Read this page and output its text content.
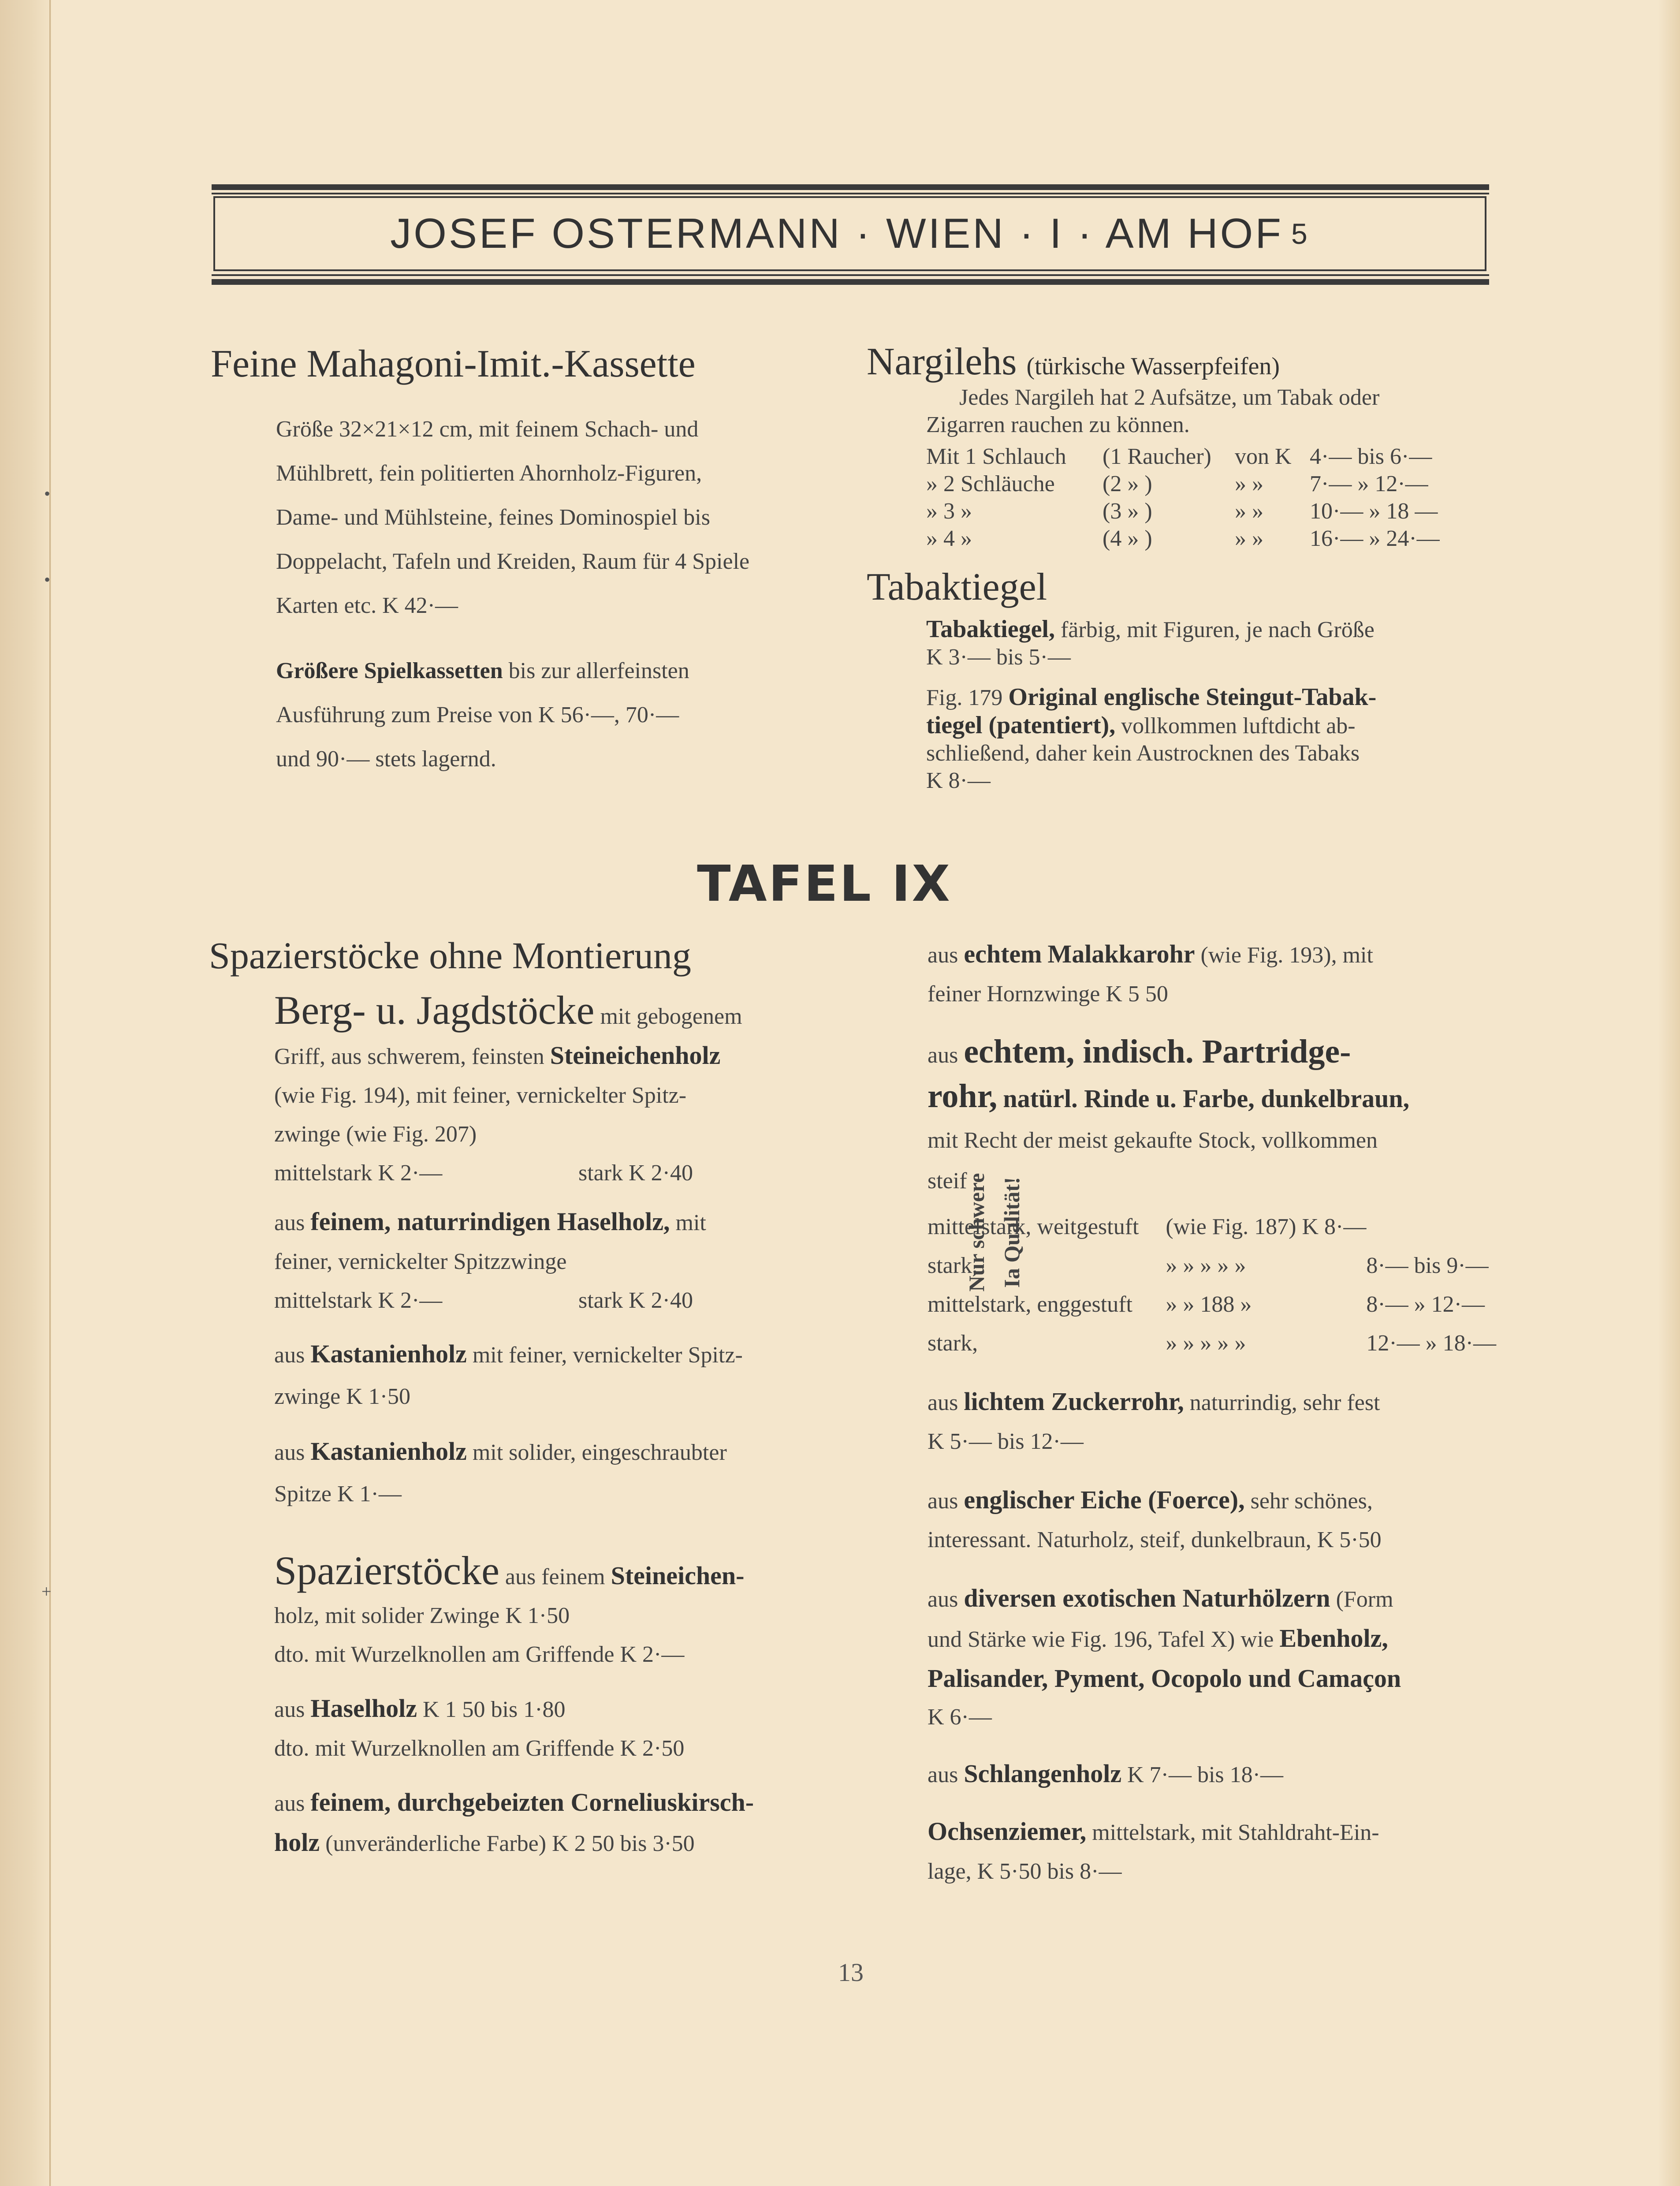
•
•
+
JOSEF OSTERMANN · WIEN · I · AM HOF 5
Feine Mahagoni-Imit.-Kassette
Größe 32×21×12 cm, mit feinem Schach- und
Mühlbrett, fein politierten Ahornholz-Figuren,
Dame- und Mühlsteine, feines Dominospiel bis
Doppelacht, Tafeln und Kreiden, Raum für 4 Spiele
Karten etc. K 42·—
Größere Spielkassetten bis zur allerfeinsten
Ausführung zum Preise von K 56·—, 70·—
und 90·— stets lagernd.
Nargilehs (türkische Wasserpfeifen)
Jedes Nargileh hat 2 Aufsätze, um Tabak oder
Zigarren rauchen zu können.
Mit 1 Schlauch	(1 Raucher)	von K	4·— bis 6·—
» 2 Schläuche	(2 » )	» »	7·— » 12·—
» 3 »	(3 » )	» »	10·— » 18 —
» 4 »	(4 » )	» »	16·— » 24·—
Tabaktiegel
Tabaktiegel, färbig, mit Figuren, je nach Größe
K 3·— bis 5·—
Fig. 179 Original englische Steingut-Tabak-
tiegel (patentiert), vollkommen luftdicht ab-
schließend, daher kein Austrocknen des Tabaks
K 8·—
TAFEL IX
Spazierstöcke ohne Montierung
Berg- u. Jagdstöcke mit gebogenem
Griff, aus schwerem, feinsten Steineichenholz
(wie Fig. 194), mit feiner, vernickelter Spitz-
zwinge (wie Fig. 207)
mittelstark K 2·—	stark K 2·40
aus feinem, naturrindigen Haselholz, mit
feiner, vernickelter Spitzzwinge
mittelstark K 2·—	stark K 2·40
aus Kastanienholz mit feiner, vernickelter Spitz-
zwinge K 1·50
aus Kastanienholz mit solider, eingeschraubter
Spitze K 1·—
Spazierstöcke aus feinem Steineichen-
holz, mit solider Zwinge K 1·50
dto. mit Wurzelknollen am Griffende K 2·—
aus Haselholz K 1 50 bis 1·80
dto. mit Wurzelknollen am Griffende K 2·50
aus feinem, durchgebeizten Corneliuskirsch-
holz (unveränderliche Farbe) K 2 50 bis 3·50
Nur schwere Ia Qualität!
aus echtem Malakkarohr (wie Fig. 193), mit
feiner Hornzwinge K 5 50
aus echtem, indisch. Partridge-
rohr, natürl. Rinde u. Farbe, dunkelbraun,
mit Recht der meist gekaufte Stock, vollkommen
steif
mittelstark, weitgestuft	(wie Fig. 187) K 8·—	
stark,	» » » » »	8·— bis 9·—
mittelstark, enggestuft	» » 188 »	8·— » 12·—
stark,	» » » » »	12·— » 18·—
aus lichtem Zuckerrohr, naturrindig, sehr fest
K 5·— bis 12·—
aus englischer Eiche (Foerce), sehr schönes,
interessant. Naturholz, steif, dunkelbraun, K 5·50
aus diversen exotischen Naturhölzern (Form
und Stärke wie Fig. 196, Tafel X) wie Ebenholz,
Palisander, Pyment, Ocopolo und Camaçon
K 6·—
aus Schlangenholz K 7·— bis 18·—
Ochsenziemer, mittelstark, mit Stahldraht-Ein-
lage, K 5·50 bis 8·—
13
